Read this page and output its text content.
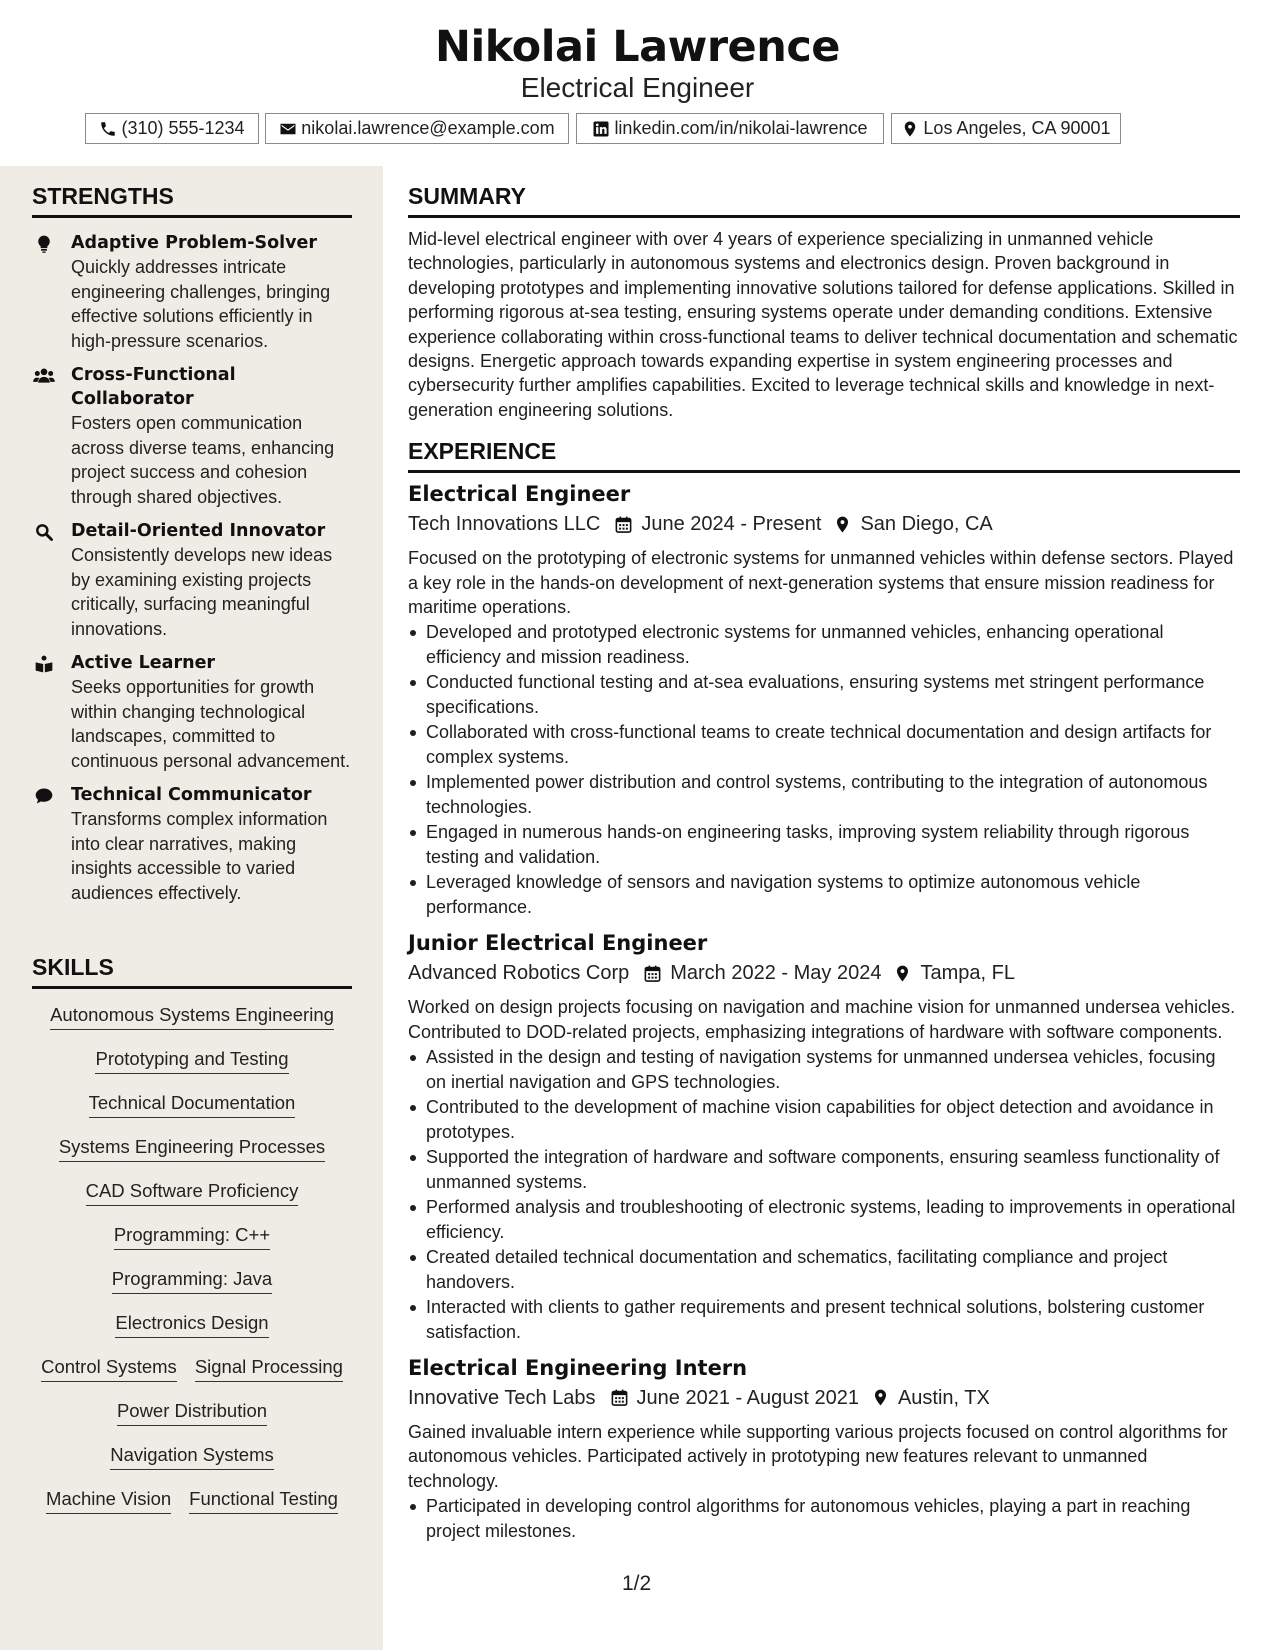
Nikolai Lawrence
Electrical Engineer
(310) 555-1234	nikolai.lawrence@example.com	linkedin.com/in/nikolai-lawrence	Los Angeles, CA 90001
STRENGTHS
Adaptive Problem-Solver
Quickly addresses intricate engineering challenges, bringing effective solutions efficiently in high-pressure scenarios.
Cross-Functional Collaborator
Fosters open communication across diverse teams, enhancing project success and cohesion through shared objectives.
Detail-Oriented Innovator
Consistently develops new ideas by examining existing projects critically, surfacing meaningful innovations.
Active Learner
Seeks opportunities for growth within changing technological landscapes, committed to continuous personal advancement.
Technical Communicator
Transforms complex information into clear narratives, making insights accessible to varied audiences effectively.
SKILLS
Autonomous Systems Engineering
Prototyping and Testing
Technical Documentation
Systems Engineering Processes
CAD Software Proficiency
Programming: C++
Programming: Java
Electronics Design
Control Systems Signal Processing
Power Distribution
Navigation Systems
Machine Vision Functional Testing
SUMMARY
Mid-level electrical engineer with over 4 years of experience specializing in unmanned vehicle technologies, particularly in autonomous systems and electronics design. Proven background in developing prototypes and implementing innovative solutions tailored for defense applications. Skilled in performing rigorous at-sea testing, ensuring systems operate under demanding conditions. Extensive experience collaborating within cross-functional teams to deliver technical documentation and schematic designs. Energetic approach towards expanding expertise in system engineering processes and cybersecurity further amplifies capabilities. Excited to leverage technical skills and knowledge in next-generation engineering solutions.
EXPERIENCE
Electrical Engineer
Tech Innovations LLC June 2024 - Present San Diego, CA
Focused on the prototyping of electronic systems for unmanned vehicles within defense sectors. Played a key role in the hands-on development of next-generation systems that ensure mission readiness for maritime operations.
Developed and prototyped electronic systems for unmanned vehicles, enhancing operational efficiency and mission readiness.
Conducted functional testing and at-sea evaluations, ensuring systems met stringent performance specifications.
Collaborated with cross-functional teams to create technical documentation and design artifacts for complex systems.
Implemented power distribution and control systems, contributing to the integration of autonomous technologies.
Engaged in numerous hands-on engineering tasks, improving system reliability through rigorous testing and validation.
Leveraged knowledge of sensors and navigation systems to optimize autonomous vehicle performance.
Junior Electrical Engineer
Advanced Robotics Corp March 2022 - May 2024 Tampa, FL
Worked on design projects focusing on navigation and machine vision for unmanned undersea vehicles. Contributed to DOD-related projects, emphasizing integrations of hardware with software components.
Assisted in the design and testing of navigation systems for unmanned undersea vehicles, focusing on inertial navigation and GPS technologies.
Contributed to the development of machine vision capabilities for object detection and avoidance in prototypes.
Supported the integration of hardware and software components, ensuring seamless functionality of unmanned systems.
Performed analysis and troubleshooting of electronic systems, leading to improvements in operational efficiency.
Created detailed technical documentation and schematics, facilitating compliance and project handovers.
Interacted with clients to gather requirements and present technical solutions, bolstering customer satisfaction.
Electrical Engineering Intern
Innovative Tech Labs June 2021 - August 2021 Austin, TX
Gained invaluable intern experience while supporting various projects focused on control algorithms for autonomous vehicles. Participated actively in prototyping new features relevant to unmanned technology.
Participated in developing control algorithms for autonomous vehicles, playing a part in reaching project milestones.
1/2
